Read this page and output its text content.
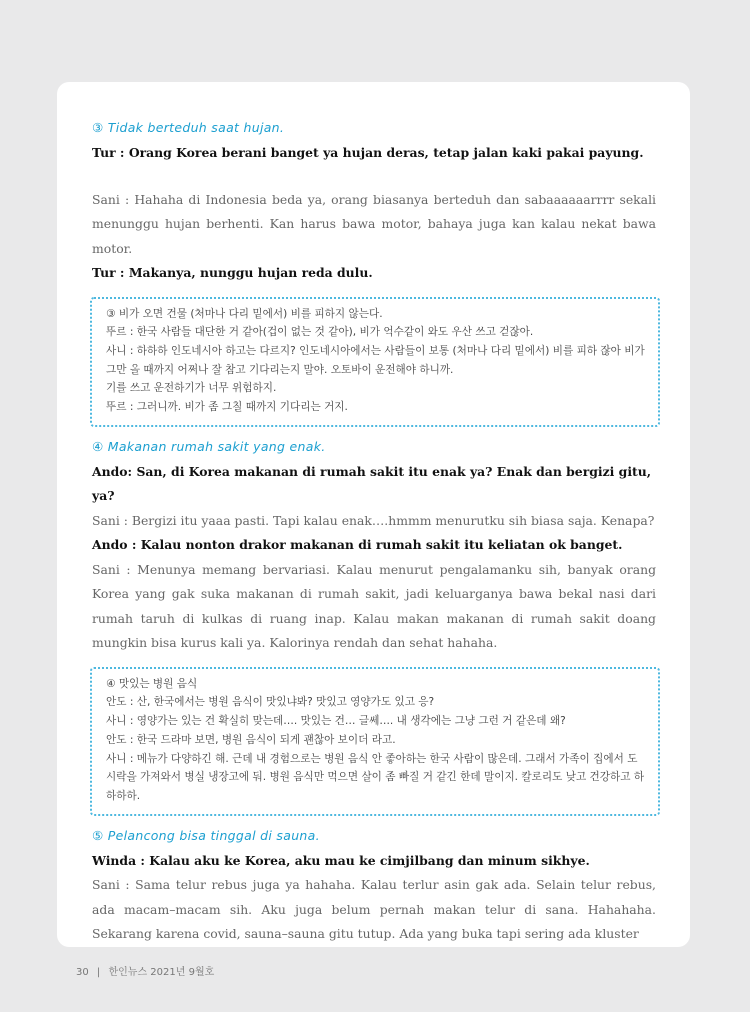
③ Tidak berteduh saat hujan.

Tur : Orang Korea berani banget ya hujan deras, tetap jalan kaki pakai payung.

Sani : Hahaha di Indonesia beda ya, orang biasanya berteduh dan sabaaaaaarrrr sekali menunggu hujan berhenti. Kan harus bawa motor, bahaya juga kan kalau nekat bawa motor.

Tur : Makanya, nunggu hujan reda dulu.

③ 비가 오면 건물 (처마나 다리 밑에서) 비를 피하지 않는다.

뚜르 : 한국 사람들 대단한 거 같아(겁이 없는 것 같아), 비가 억수같이 와도 우산 쓰고 걷잖아.

사니 : 하하하 인도네시아 하고는 다르지? 인도네시아에서는 사람들이 보통 (처마나 다리 밑에서) 비를 피하 잖아 비가 그만 올 때까지 어쩌나 잘 참고 기다리는지 말야. 오토바이 운전해야 하니까.

기를 쓰고 운전하기가 너무 위험하지.

뚜르 : 그러니까. 비가 좀 그칠 때까지 기다리는 거지.

④ Makanan rumah sakit yang enak.

Ando: San, di Korea makanan di rumah sakit itu enak ya? Enak dan bergizi gitu, ya?

Sani : Bergizi itu yaaa pasti. Tapi kalau enak….hmmm menurutku sih biasa saja. Kenapa?

Ando : Kalau nonton drakor makanan di rumah sakit itu keliatan ok banget.

Sani : Menunya memang bervariasi. Kalau menurut pengalamanku sih, banyak orang Korea yang gak suka makanan di rumah sakit, jadi keluarganya bawa bekal nasi dari rumah taruh di kulkas di ruang inap. Kalau makan makanan di rumah sakit doang mungkin bisa kurus kali ya. Kalorinya rendah dan sehat hahaha.

④ 맛있는 병원 음식

안도 : 산, 한국에서는 병원 음식이 맛있냐봐? 맛있고 영양가도 있고 응?

사니 : 영양가는 있는 건 확실히 맞는데…. 맛있는 건… 글쎄…. 내 생각에는 그냥 그런 거 같은데 왜?

안도 : 한국 드라마 보면, 병원 음식이 되게 괜찮아 보이더 라고.

사니 : 메뉴가 다양하긴 해. 근데 내 경험으로는 병원 음식 안 좋아하는 한국 사람이 많은데. 그래서 가족이 집에서 도시락을 가져와서 병실 냉장고에 둬. 병원 음식만 먹으면 살이 좀 빠질 거 같긴 한데 말이지. 칼로리도 낮고 건강하고 하하하하.

⑤ Pelancong bisa tinggal di sauna.

Winda : Kalau aku ke Korea, aku mau ke cimjilbang dan minum sikhye.

Sani : Sama telur rebus juga ya hahaha. Kalau terlur asin gak ada. Selain telur rebus, ada macam–macam sih. Aku juga belum pernah makan telur di sana. Hahahaha. Sekarang karena covid, sauna–sauna gitu tutup. Ada yang buka tapi sering ada kluster

30 | 한인뉴스 2021년 9월호
